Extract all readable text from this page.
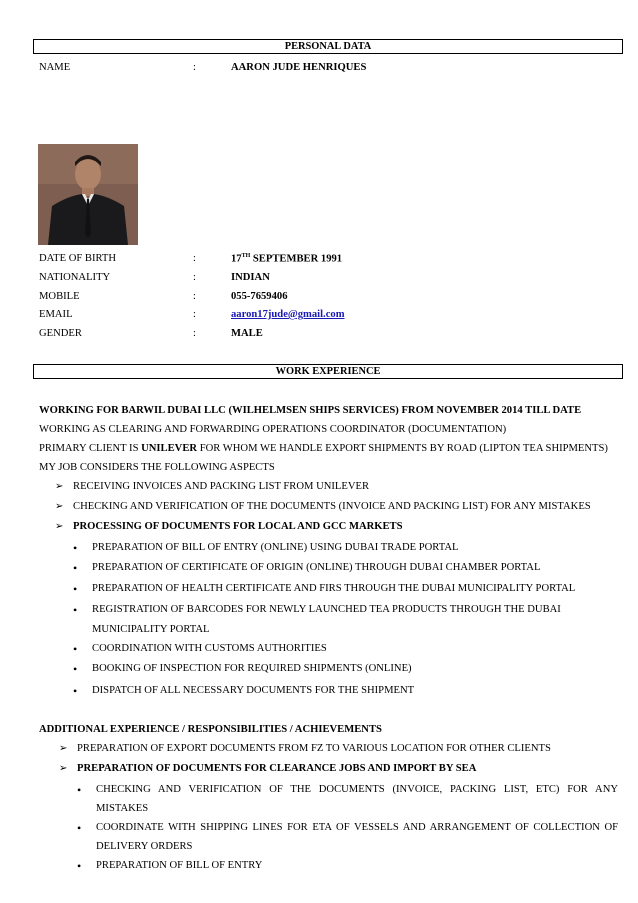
PERSONAL DATA
NAME	:	AARON JUDE HENRIQUES
DATE OF BIRTH	:	17TH SEPTEMBER 1991
NATIONALITY	:	INDIAN
MOBILE	:	055-7659406
EMAIL	:	aaron17jude@gmail.com
GENDER	:	MALE
WORK EXPERIENCE
WORKING FOR BARWIL DUBAI LLC (WILHELMSEN SHIPS SERVICES) FROM NOVEMBER 2014 TILL DATE
WORKING AS CLEARING AND FORWARDING OPERATIONS COORDINATOR (DOCUMENTATION)
PRIMARY CLIENT IS UNILEVER FOR WHOM WE HANDLE EXPORT SHIPMENTS BY ROAD (LIPTON TEA SHIPMENTS)
MY JOB CONSIDERS THE FOLLOWING ASPECTS
➢ RECEIVING INVOICES AND PACKING LIST FROM UNILEVER
➢ CHECKING AND VERIFICATION OF THE DOCUMENTS (INVOICE AND PACKING LIST) FOR ANY MISTAKES
➢ PROCESSING OF DOCUMENTS FOR LOCAL AND GCC MARKETS
• PREPARATION OF BILL OF ENTRY (ONLINE) USING DUBAI TRADE PORTAL
• PREPARATION OF CERTIFICATE OF ORIGIN (ONLINE) THROUGH DUBAI CHAMBER PORTAL
• PREPARATION OF HEALTH CERTIFICATE AND FIRS THROUGH THE DUBAI MUNICIPALITY PORTAL
• REGISTRATION OF BARCODES FOR NEWLY LAUNCHED TEA PRODUCTS THROUGH THE DUBAI
MUNICIPALITY PORTAL
• COORDINATION WITH CUSTOMS AUTHORITIES
• BOOKING OF INSPECTION FOR REQUIRED SHIPMENTS (ONLINE)
• DISPATCH OF ALL NECESSARY DOCUMENTS FOR THE SHIPMENT
ADDITIONAL EXPERIENCE / RESPONSIBILITIES / ACHIEVEMENTS
➢ PREPARATION OF EXPORT DOCUMENTS FROM FZ TO VARIOUS LOCATION FOR OTHER CLIENTS
➢ PREPARATION OF DOCUMENTS FOR CLEARANCE JOBS AND IMPORT BY SEA
• CHECKING AND VERIFICATION OF THE DOCUMENTS (INVOICE, PACKING LIST, ETC) FOR ANY
MISTAKES
• COORDINATE WITH SHIPPING LINES FOR ETA OF VESSELS AND ARRANGEMENT OF COLLECTION OF
DELIVERY ORDERS
• PREPARATION OF BILL OF ENTRY
